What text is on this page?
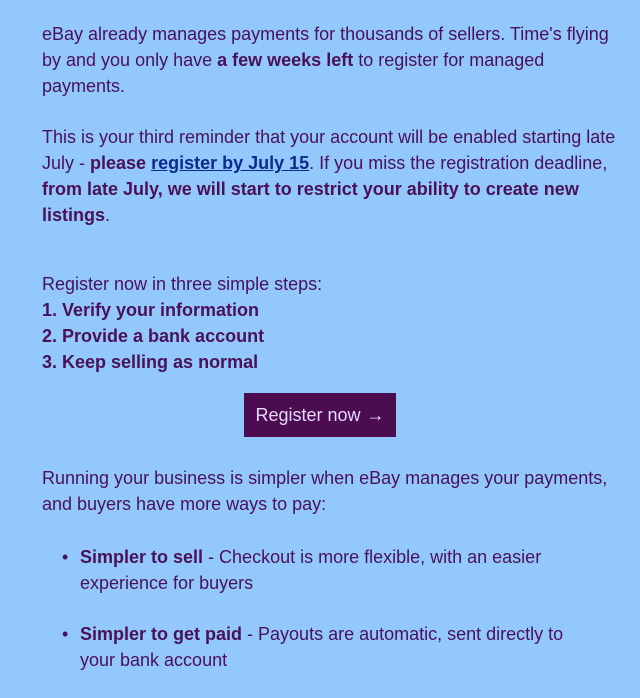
eBay already manages payments for thousands of sellers. Time's flying by and you only have a few weeks left to register for managed payments.

This is your third reminder that your account will be enabled starting late July - please register by July 15. If you miss the registration deadline, from late July, we will start to restrict your ability to create new listings.

Register now in three simple steps:

1. Verify your information
2. Provide a bank account
3. Keep selling as normal
Register now →

Running your business is simpler when eBay manages your payments, and buyers have more ways to pay:

• Simpler to sell - Checkout is more flexible, with an easier experience for buyers
• Simpler to get paid - Payouts are automatic, sent directly to your bank account
